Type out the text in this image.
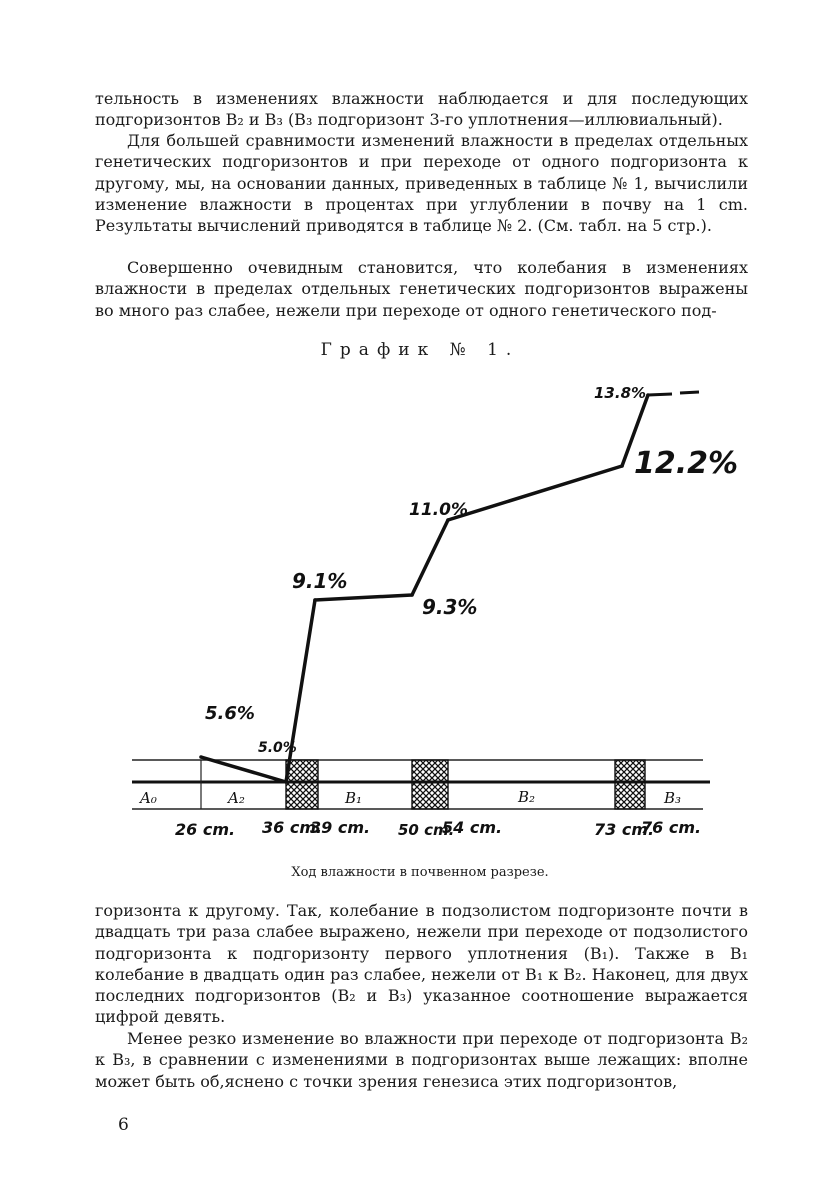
тельность в изменениях влажности наблюдается и для последующих подгоризонтов B₂ и B₃ (B₃ подгоризонт 3-го уплотнения—иллювиальный).

Для большей сравнимости изменений влажности в пределах отдельных генетических подгоризонтов и при переходе от одного подгоризонта к другому, мы, на основании данных, приведенных в таблице № 1, вычислили изменение влажности в процентах при углублении в почву на 1 cm. Результаты вычислений приводятся в таблице № 2. (См. табл. на 5 стр.).

Совершенно очевидным становится, что колебания в изменениях влажности в пределах отдельных генетических подгоризонтов выражены во много раз слабее, нежели при переходе от одного генетического под-

График № 1.

A₀	A₂	B₁	B₂	B₃
5.6%
5.0%
9.1%
9.3%
11.0%
12.2%
13.8%
26 cm. 36 cm.
39 cm. 50 cm.
54 cm.	73 cm.
76 cm.

Ход влажности в почвенном разрезе.

горизонта к другому. Так, колебание в подзолистом подгоризонте почти в двадцать три раза слабее выражено, нежели при переходе от подзолистого подгоризонта к подгоризонту первого уплотнения (B₁). Также в B₁ колебание в двадцать один раз слабее, нежели от B₁ к B₂. Наконец, для двух последних подгоризонтов (B₂ и B₃) указанное соотношение выражается цифрой девять.

Менее резко изменение во влажности при переходе от подгоризонта B₂ к B₃, в сравнении с изменениями в подгоризонтах выше лежащих: вполне может быть об,яснено с точки зрения генезиса этих подгоризонтов,

6
